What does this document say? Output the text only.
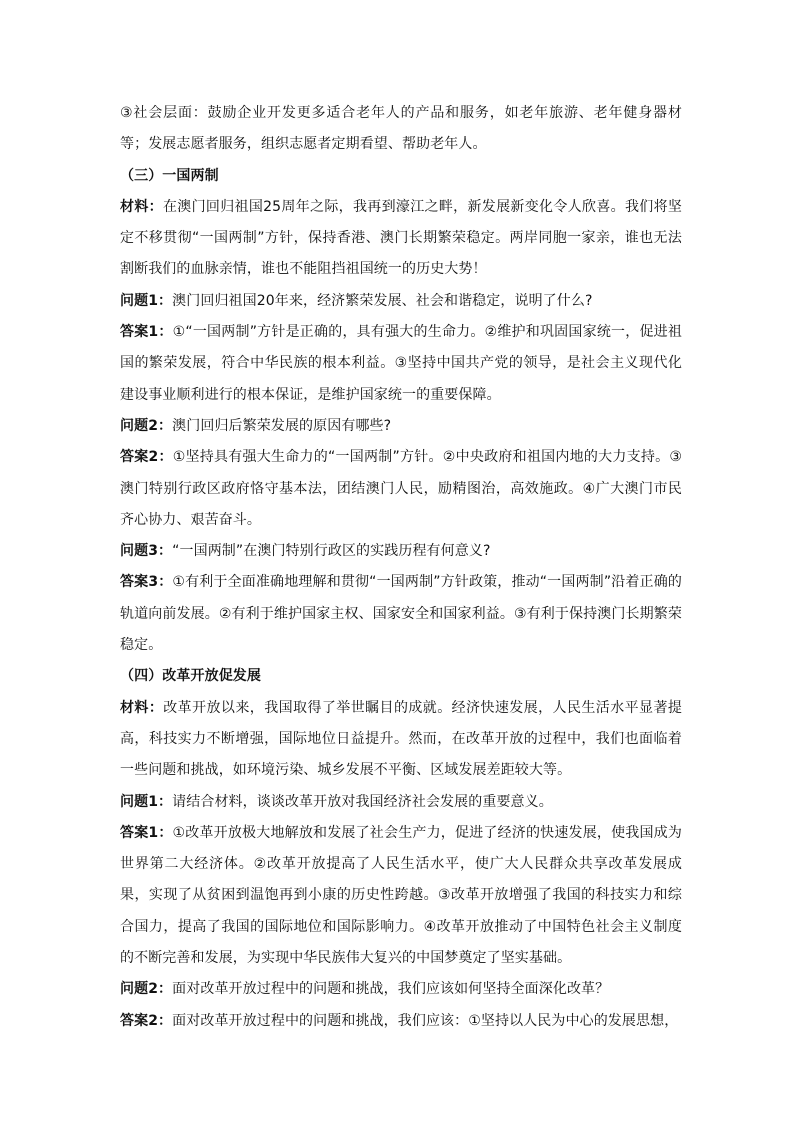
③社会层面：鼓励企业开发更多适合老年人的产品和服务，如老年旅游、老年健身器材等；发展志愿者服务，组织志愿者定期看望、帮助老年人。

（三）一国两制

材料：在澳门回归祖国25周年之际，我再到濠江之畔，新发展新变化令人欣喜。我们将坚定不移贯彻“一国两制”方针，保持香港、澳门长期繁荣稳定。两岸同胞一家亲，谁也无法割断我们的血脉亲情，谁也不能阻挡祖国统一的历史大势！

问题1：澳门回归祖国20年来，经济繁荣发展、社会和谐稳定，说明了什么?

答案1：①“一国两制”方针是正确的，具有强大的生命力。②维护和巩固国家统一，促进祖国的繁荣发展，符合中华民族的根本利益。③坚持中国共产党的领导，是社会主义现代化建设事业顺利进行的根本保证，是维护国家统一的重要保障。

问题2：澳门回归后繁荣发展的原因有哪些?

答案2：①坚持具有强大生命力的“一国两制”方针。②中央政府和祖国内地的大力支持。③澳门特别行政区政府恪守基本法，团结澳门人民，励精图治，高效施政。④广大澳门市民齐心协力、艰苦奋斗。

问题3：“一国两制”在澳门特别行政区的实践历程有何意义?

答案3：①有利于全面准确地理解和贯彻“一国两制”方针政策，推动“一国两制”沿着正确的轨道向前发展。②有利于维护国家主权、国家安全和国家利益。③有利于保持澳门长期繁荣稳定。

（四）改革开放促发展

材料：改革开放以来，我国取得了举世瞩目的成就。经济快速发展，人民生活水平显著提高，科技实力不断增强，国际地位日益提升。然而，在改革开放的过程中，我们也面临着一些问题和挑战，如环境污染、城乡发展不平衡、区域发展差距较大等。

问题1：请结合材料，谈谈改革开放对我国经济社会发展的重要意义。

答案1：①改革开放极大地解放和发展了社会生产力，促进了经济的快速发展，使我国成为世界第二大经济体。②改革开放提高了人民生活水平，使广大人民群众共享改革发展成果，实现了从贫困到温饱再到小康的历史性跨越。③改革开放增强了我国的科技实力和综合国力，提高了我国的国际地位和国际影响力。④改革开放推动了中国特色社会主义制度的不断完善和发展，为实现中华民族伟大复兴的中国梦奠定了坚实基础。

问题2：面对改革开放过程中的问题和挑战，我们应该如何坚持全面深化改革？

答案2：面对改革开放过程中的问题和挑战，我们应该：①坚持以人民为中心的发展思想，
